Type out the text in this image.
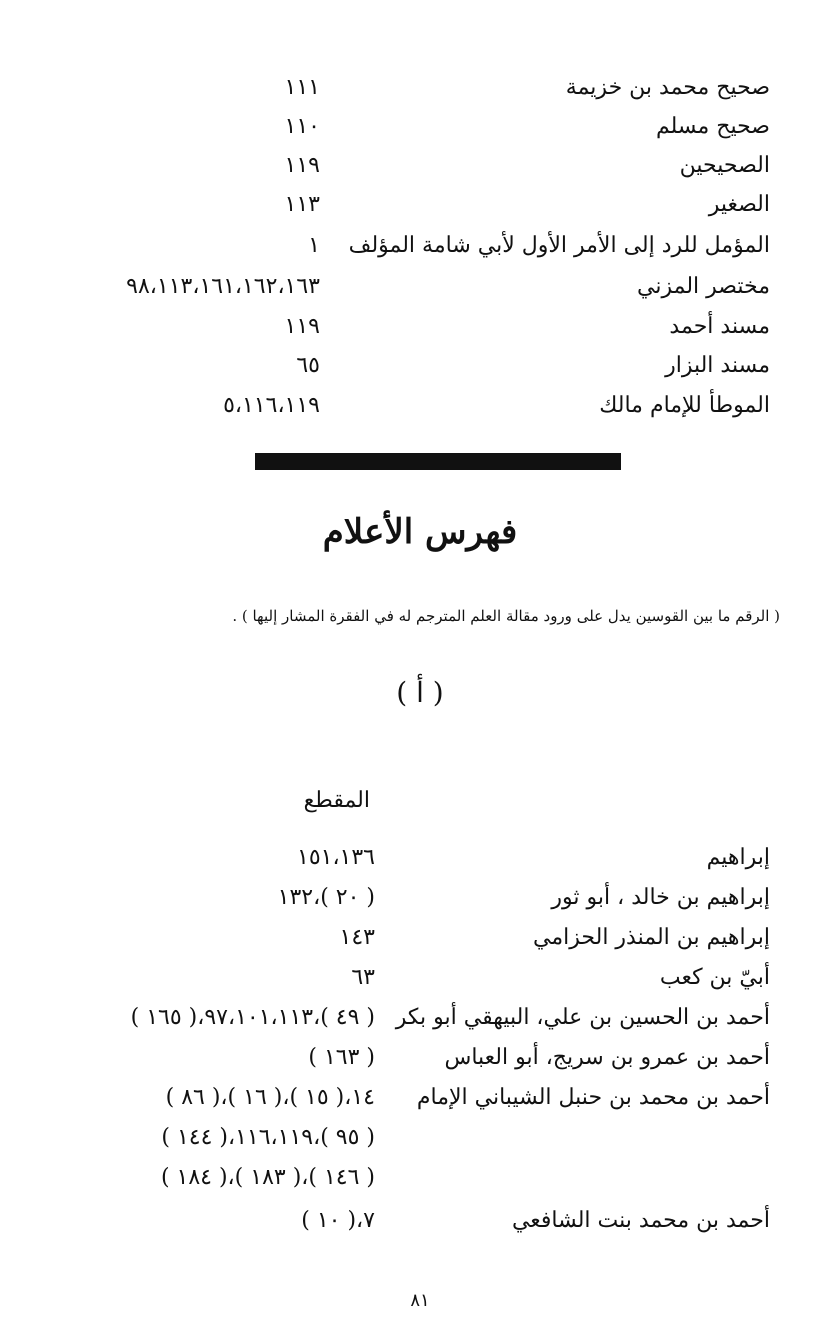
صحيح محمد بن خزيمة
١١١
صحيح مسلم
١١٠
الصحيحين
١١٩
الصغير
١١٣
المؤمل للرد إلى الأمر الأول لأبي شامة المؤلف
١
مختصر المزني
٩٨،١١٣،١٦١،١٦٢،١٦٣
مسند أحمد
١١٩
مسند البزار
٦٥
الموطأ للإمام مالك
٥،١١٦،١١٩
فهرس الأعلام
( الرقم ما بين القوسين يدل على ورود مقالة العلم المترجم له في الفقرة المشار إليها ) .
( أ )
المقطع
إبراهيم
١٥١،١٣٦
إبراهيم بن خالد ، أبو ثور
( ٢٠ )،١٣٢
إبراهيم بن المنذر الحزامي
١٤٣
أبيّ بن كعب
٦٣
أحمد بن الحسين بن علي، البيهقي أبو بكر
( ٤٩ )،٩٧،١٠١،١١٣،( ١٦٥ )
أحمد بن عمرو بن سريج، أبو العباس
( ١٦٣ )
أحمد بن محمد بن حنبل الشيباني الإمام
١٤،( ١٥ )،( ١٦ )،( ٨٦ )
( ٩٥ )،١١٦،١١٩،( ١٤٤ )
( ١٤٦ )،( ١٨٣ )،( ١٨٤ )
أحمد بن محمد بنت الشافعي
٧،( ١٠ )
٨١
